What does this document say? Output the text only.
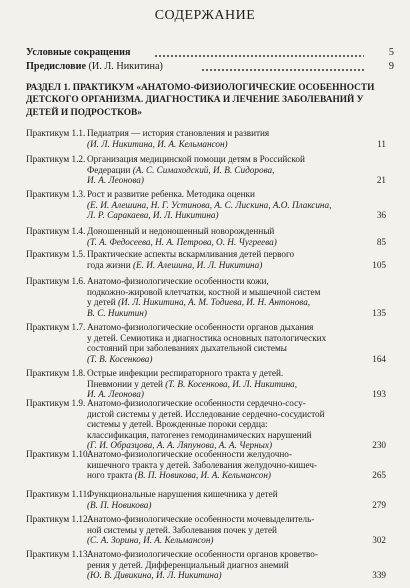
СОДЕРЖАНИЕ
Условные сокращения	5
Предисловие (И. Л. Никитина)	9
РАЗДЕЛ 1. ПРАКТИКУМ «АНАТОМО-ФИЗИОЛОГИЧЕСКИЕ ОСОБЕННОСТИ ДЕТСКОГО ОРГАНИЗМА. ДИАГНОСТИКА И ЛЕЧЕНИЕ ЗАБОЛЕВАНИЙ У ДЕТЕЙ И ПОДРОСТКОВ»
Практикум 1.1. Педиатрия — история становления и развития
(И. Л. Никитина, И. А. Кельмансон)	11
Практикум 1.2. Организация медицинской помощи детям в Российской
Федерации (А. С. Симаходский, И. В. Сидорова,
И. А. Леонова)	21
Практикум 1.3. Рост и развитие ребенка. Методика оценки
(Е. И. Алешина, Н. Г. Устинова, А. С. Лискина, А.О. Плаксина,
Л. Р. Саракаева, И. Л. Никитина)	36
Практикум 1.4. Доношенный и недоношенный новорожденный
(Т. А. Федосеева, Н. А. Петрова, О. Н. Чугреева)	85
Практикум 1.5. Практические аспекты вскармливания детей первого
года жизни (Е. И. Алешина, И. Л. Никитина)	105
Практикум 1.6. Анатомо-физиологические особенности кожи,
подкожно-жировой клетчатки, костной и мышечной систем
у детей (И. Л. Никитина, А. М. Тодиева, И. Н. Антонова,
В. С. Никитин)	135
Практикум 1.7. Анатомо-физиологические особенности органов дыхания
у детей. Семиотика и диагностика основных патологических
состояний при заболеваниях дыхательной системы
(Т. В. Косенкова)	164
Практикум 1.8. Острые инфекции респираторного тракта у детей.
Пневмонии у детей (Т. В. Косенкова, И. Л. Никитина,
И. А. Леонова)	193
Практикум 1.9. Анатомо-физиологические особенности сердечно-сосу-
дистой системы у детей. Исследование сердечно-сосудистой
системы у детей. Врожденные пороки сердца:
классификация, патогенез гемодинамических нарушений
(Г. И. Образцова, А. А. Ляпунова, А. А. Черных)	230
Практикум 1.10.
Анатомо-физиологические особенности желудочно-
кишечного тракта у детей. Заболевания желудочно-кишеч-
ного тракта (В. П. Новикова, И. А. Кельмансон)	265
Практикум 1.11.
Функциональные нарушения кишечника у детей
(В. П. Новикова)	279
Практикум 1.12.
Анатомо-физиологические особенности мочевыделитель-
ной системы у детей. Заболевания почек у детей
(С. А. Зорина, И. А. Кельмансон)	302
Практикум 1.13.
Анатомо-физиологические особенности органов кроветво-
рения у детей. Дифференциальный диагноз анемий
(Ю. В. Дивикина, И. Л. Никитина)	339
